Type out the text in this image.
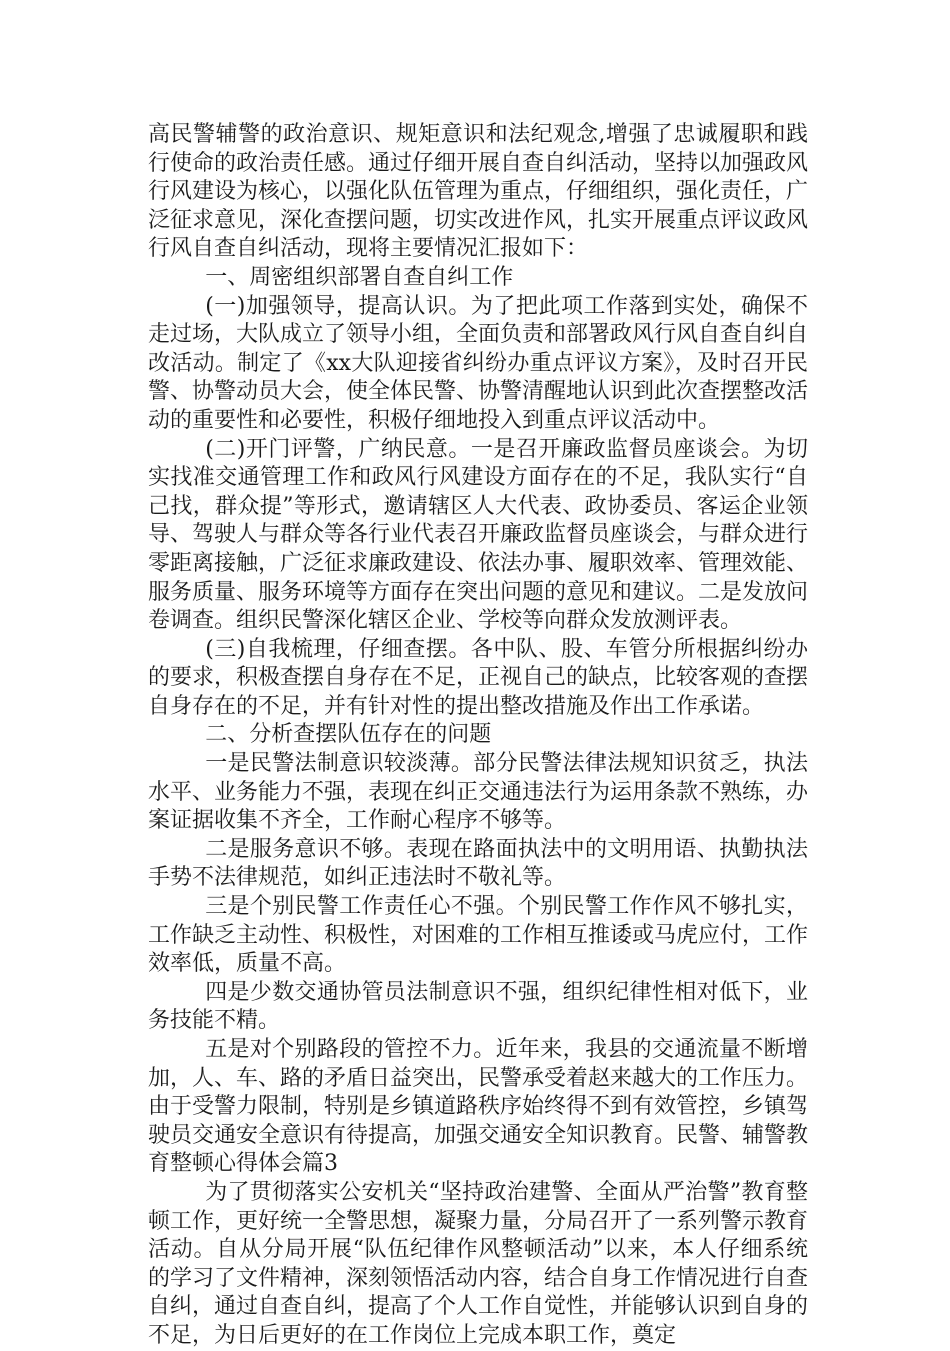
高民警辅警的政治意识、规矩意识和法纪观念,增强了忠诚履职和践行使命的政治责任感。通过仔细开展自查自纠活动，坚持以加强政风行风建设为核心，以强化队伍管理为重点，仔细组织，强化责任，广泛征求意见，深化查摆问题，切实改进作风，扎实开展重点评议政风行风自查自纠活动，现将主要情况汇报如下：

一、周密组织部署自查自纠工作

(一)加强领导，提高认识。为了把此项工作落到实处，确保不走过场，大队成立了领导小组，全面负责和部署政风行风自查自纠自改活动。制定了《xx大队迎接省纠纷办重点评议方案》，及时召开民警、协警动员大会，使全体民警、协警清醒地认识到此次查摆整改活动的重要性和必要性，积极仔细地投入到重点评议活动中。

(二)开门评警，广纳民意。一是召开廉政监督员座谈会。为切实找准交通管理工作和政风行风建设方面存在的不足，我队实行“自己找，群众提”等形式，邀请辖区人大代表、政协委员、客运企业领导、驾驶人与群众等各行业代表召开廉政监督员座谈会，与群众进行零距离接触，广泛征求廉政建设、依法办事、履职效率、管理效能、服务质量、服务环境等方面存在突出问题的意见和建议。二是发放问卷调查。组织民警深化辖区企业、学校等向群众发放测评表。

(三)自我梳理，仔细查摆。各中队、股、车管分所根据纠纷办的要求，积极查摆自身存在不足，正视自己的缺点，比较客观的查摆自身存在的不足，并有针对性的提出整改措施及作出工作承诺。

二、分析查摆队伍存在的问题

一是民警法制意识较淡薄。部分民警法律法规知识贫乏，执法水平、业务能力不强，表现在纠正交通违法行为运用条款不熟练，办案证据收集不齐全，工作耐心程序不够等。

二是服务意识不够。表现在路面执法中的文明用语、执勤执法手势不法律规范，如纠正违法时不敬礼等。

三是个别民警工作责任心不强。个别民警工作作风不够扎实，工作缺乏主动性、积极性，对困难的工作相互推诿或马虎应付，工作效率低，质量不高。

四是少数交通协管员法制意识不强，组织纪律性相对低下，业务技能不精。

五是对个别路段的管控不力。近年来，我县的交通流量不断增加，人、车、路的矛盾日益突出，民警承受着赵来越大的工作压力。由于受警力限制，特别是乡镇道路秩序始终得不到有效管控，乡镇驾驶员交通安全意识有待提高，加强交通安全知识教育。民警、辅警教育整顿心得体会篇3

为了贯彻落实公安机关“坚持政治建警、全面从严治警”教育整顿工作，更好统一全警思想，凝聚力量，分局召开了一系列警示教育活动。自从分局开展“队伍纪律作风整顿活动”以来，本人仔细系统的学习了文件精神，深刻领悟活动内容，结合自身工作情况进行自查自纠，通过自查自纠，提高了个人工作自觉性，并能够认识到自身的不足，为日后更好的在工作岗位上完成本职工作，奠定
